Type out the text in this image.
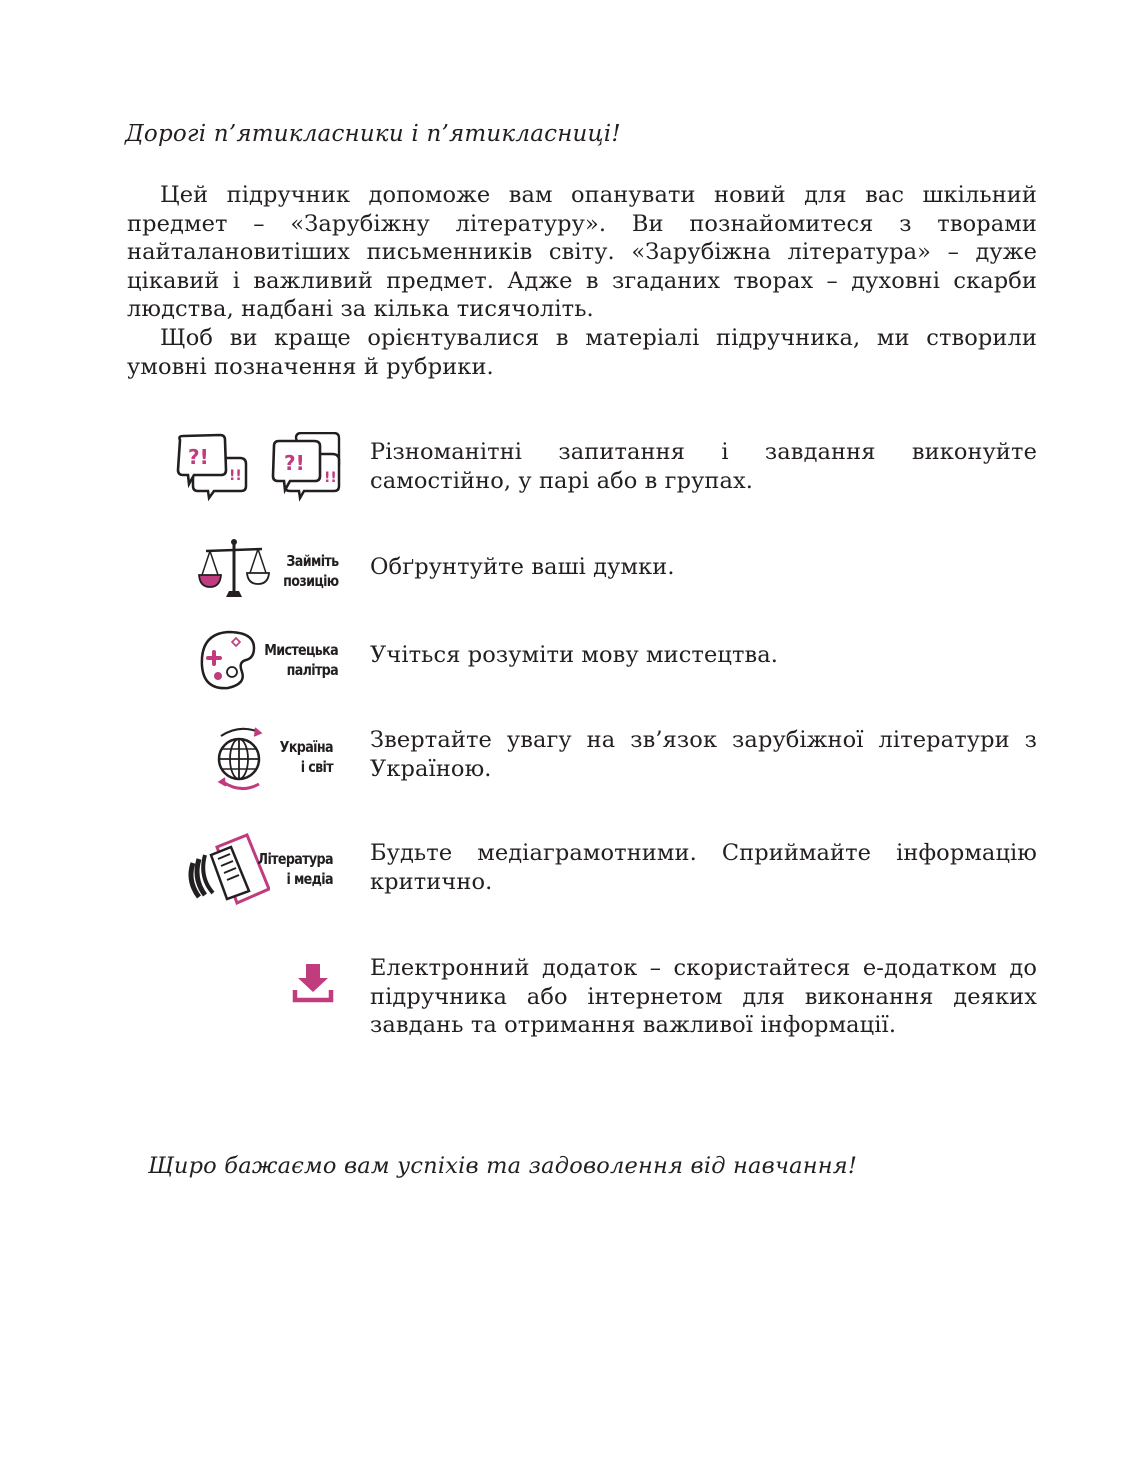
Дорогі п’ятикласники і п’ятикласниці!

Цей підручник допоможе вам опанувати новий для вас шкільний предмет – «Зарубіжну літературу». Ви познайомитеся з творами найталановитіших письменників світу. «Зарубіжна література» – дуже цікавий і важливий предмет. Адже в згаданих творах – духовні скарби людства, надбані за кілька тисячоліть.

Щоб ви краще орієнтувалися в матеріалі підручника, ми створили умовні позначення й рубрики.

?!
!!
?!
!!
Різноманітні запитання і завдання виконуйте самостійно, у парі або в групах.
Займіть
позицію
Обґрунтуйте ваші думки.
Мистецька
палітра
Учіться розуміти мову мистецтва.
Україна
і світ
Звертайте увагу на зв’язок зарубіжної літератури з Україною.
Література
і медіа
Будьте медіаграмотними. Сприймайте інформацію критично.
Електронний додаток – скористайтеся е-додатком до підручника або інтернетом для виконання деяких завдань та отримання важливої інформації.
Щиро бажаємо вам успіхів та задоволення від навчання!
